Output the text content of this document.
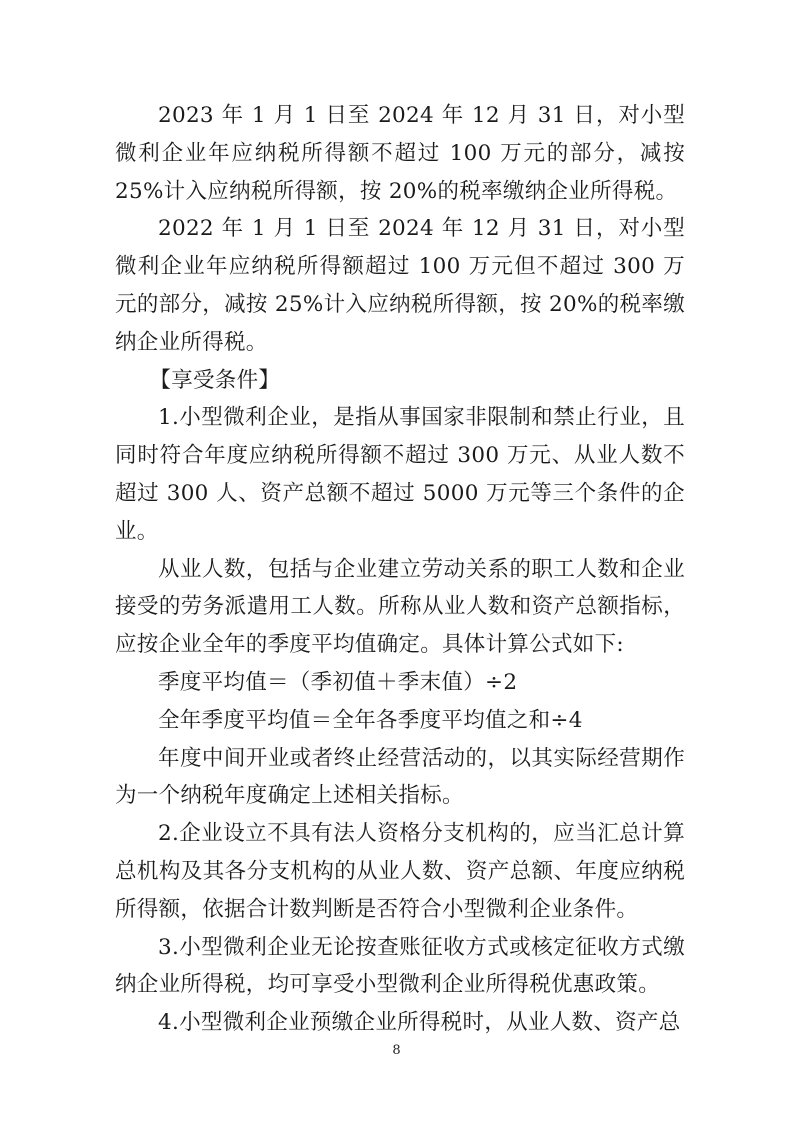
2023 年 1 月 1 日至 2024 年 12 月 31 日，对小型微利企业年应纳税所得额不超过 100 万元的部分，减按 25%计入应纳税所得额，按 20%的税率缴纳企业所得税。

2022 年 1 月 1 日至 2024 年 12 月 31 日，对小型微利企业年应纳税所得额超过 100 万元但不超过 300 万元的部分，减按 25%计入应纳税所得额，按 20%的税率缴纳企业所得税。

【享受条件】

1.小型微利企业，是指从事国家非限制和禁止行业，且同时符合年度应纳税所得额不超过 300 万元、从业人数不超过 300 人、资产总额不超过 5000 万元等三个条件的企业。

从业人数，包括与企业建立劳动关系的职工人数和企业接受的劳务派遣用工人数。所称从业人数和资产总额指标，应按企业全年的季度平均值确定。具体计算公式如下:

季度平均值＝（季初值＋季末值）÷2

全年季度平均值＝全年各季度平均值之和÷4

年度中间开业或者终止经营活动的，以其实际经营期作为一个纳税年度确定上述相关指标。

2.企业设立不具有法人资格分支机构的，应当汇总计算总机构及其各分支机构的从业人数、资产总额、年度应纳税所得额，依据合计数判断是否符合小型微利企业条件。

3.小型微利企业无论按查账征收方式或核定征收方式缴纳企业所得税，均可享受小型微利企业所得税优惠政策。

4.小型微利企业预缴企业所得税时，从业人数、资产总

8
